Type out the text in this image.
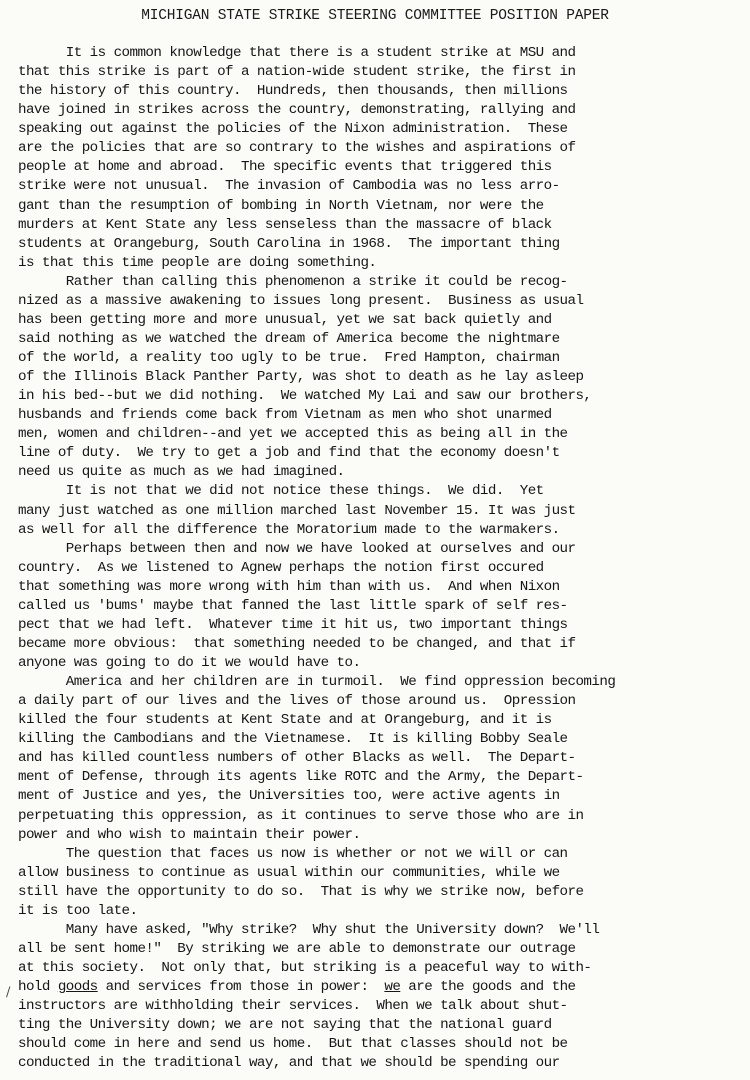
MICHIGAN STATE STRIKE STEERING COMMITTEE POSITION PAPER
It is common knowledge that there is a student strike at MSU and
that this strike is part of a nation-wide student strike, the first in
the history of this country.  Hundreds, then thousands, then millions
have joined in strikes across the country, demonstrating, rallying and
speaking out against the policies of the Nixon administration.  These
are the policies that are so contrary to the wishes and aspirations of
people at home and abroad.  The specific events that triggered this
strike were not unusual.  The invasion of Cambodia was no less arro-
gant than the resumption of bombing in North Vietnam, nor were the
murders at Kent State any less senseless than the massacre of black
students at Orangeburg, South Carolina in 1968.  The important thing
is that this time people are doing something.
Rather than calling this phenomenon a strike it could be recog-
nized as a massive awakening to issues long present.  Business as usual
has been getting more and more unusual, yet we sat back quietly and
said nothing as we watched the dream of America become the nightmare
of the world, a reality too ugly to be true.  Fred Hampton, chairman
of the Illinois Black Panther Party, was shot to death as he lay asleep
in his bed--but we did nothing.  We watched My Lai and saw our brothers,
husbands and friends come back from Vietnam as men who shot unarmed
men, women and children--and yet we accepted this as being all in the
line of duty.  We try to get a job and find that the economy doesn't
need us quite as much as we had imagined.
It is not that we did not notice these things.  We did.  Yet
many just watched as one million marched last November 15. It was just
as well for all the difference the Moratorium made to the warmakers.
Perhaps between then and now we have looked at ourselves and our
country.  As we listened to Agnew perhaps the notion first occured
that something was more wrong with him than with us.  And when Nixon
called us 'bums' maybe that fanned the last little spark of self res-
pect that we had left.  Whatever time it hit us, two important things
became more obvious:  that something needed to be changed, and that if
anyone was going to do it we would have to.
America and her children are in turmoil.  We find oppression becoming
a daily part of our lives and the lives of those around us.  Opression
killed the four students at Kent State and at Orangeburg, and it is
killing the Cambodians and the Vietnamese.  It is killing Bobby Seale
and has killed countless numbers of other Blacks as well.  The Depart-
ment of Defense, through its agents like ROTC and the Army, the Depart-
ment of Justice and yes, the Universities too, were active agents in
perpetuating this oppression, as it continues to serve those who are in
power and who wish to maintain their power.
The question that faces us now is whether or not we will or can
allow business to continue as usual within our communities, while we
still have the opportunity to do so.  That is why we strike now, before
it is too late.
Many have asked, "Why strike?  Why shut the University down?  We'll
all be sent home!"  By striking we are able to demonstrate our outrage
at this society.  Not only that, but striking is a peaceful way to with-
hold goods and services from those in power:  we are the goods and the
instructors are withholding their services.  When we talk about shut-
ting the University down; we are not saying that the national guard
should come in here and send us home.  But that classes should not be
conducted in the traditional way, and that we should be spending our
/
